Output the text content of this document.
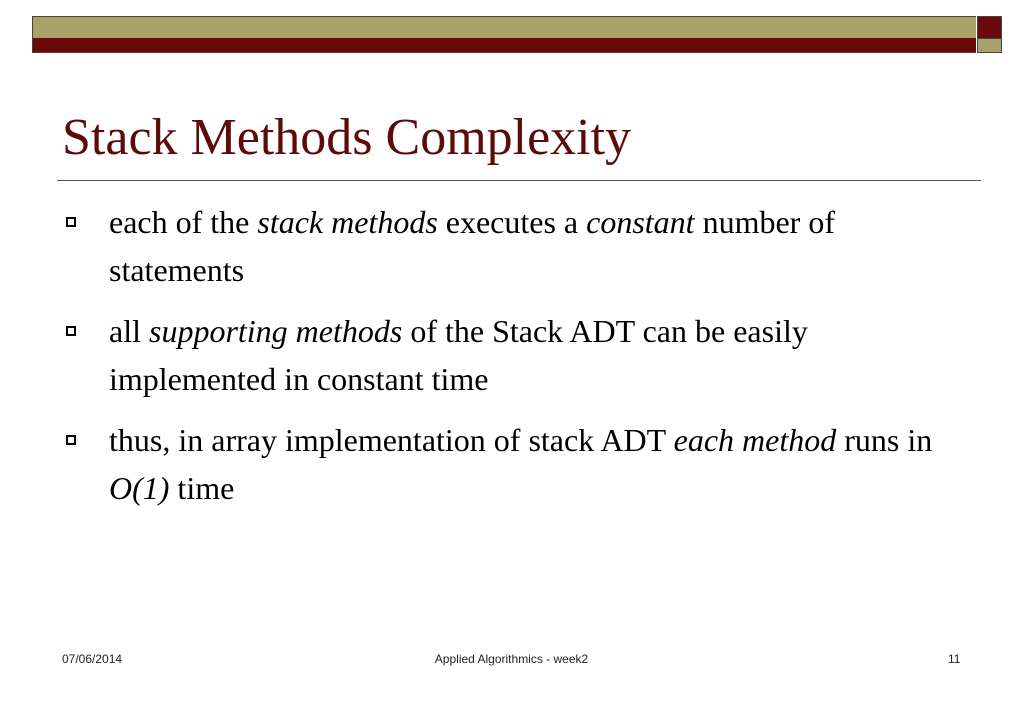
Stack Methods Complexity
each of the stack methods executes a constant number of statements
all supporting methods of the Stack ADT can be easily implemented in constant time
thus, in array implementation of stack ADT each method runs in O(1) time
07/06/2014	Applied Algorithmics - week2	11
